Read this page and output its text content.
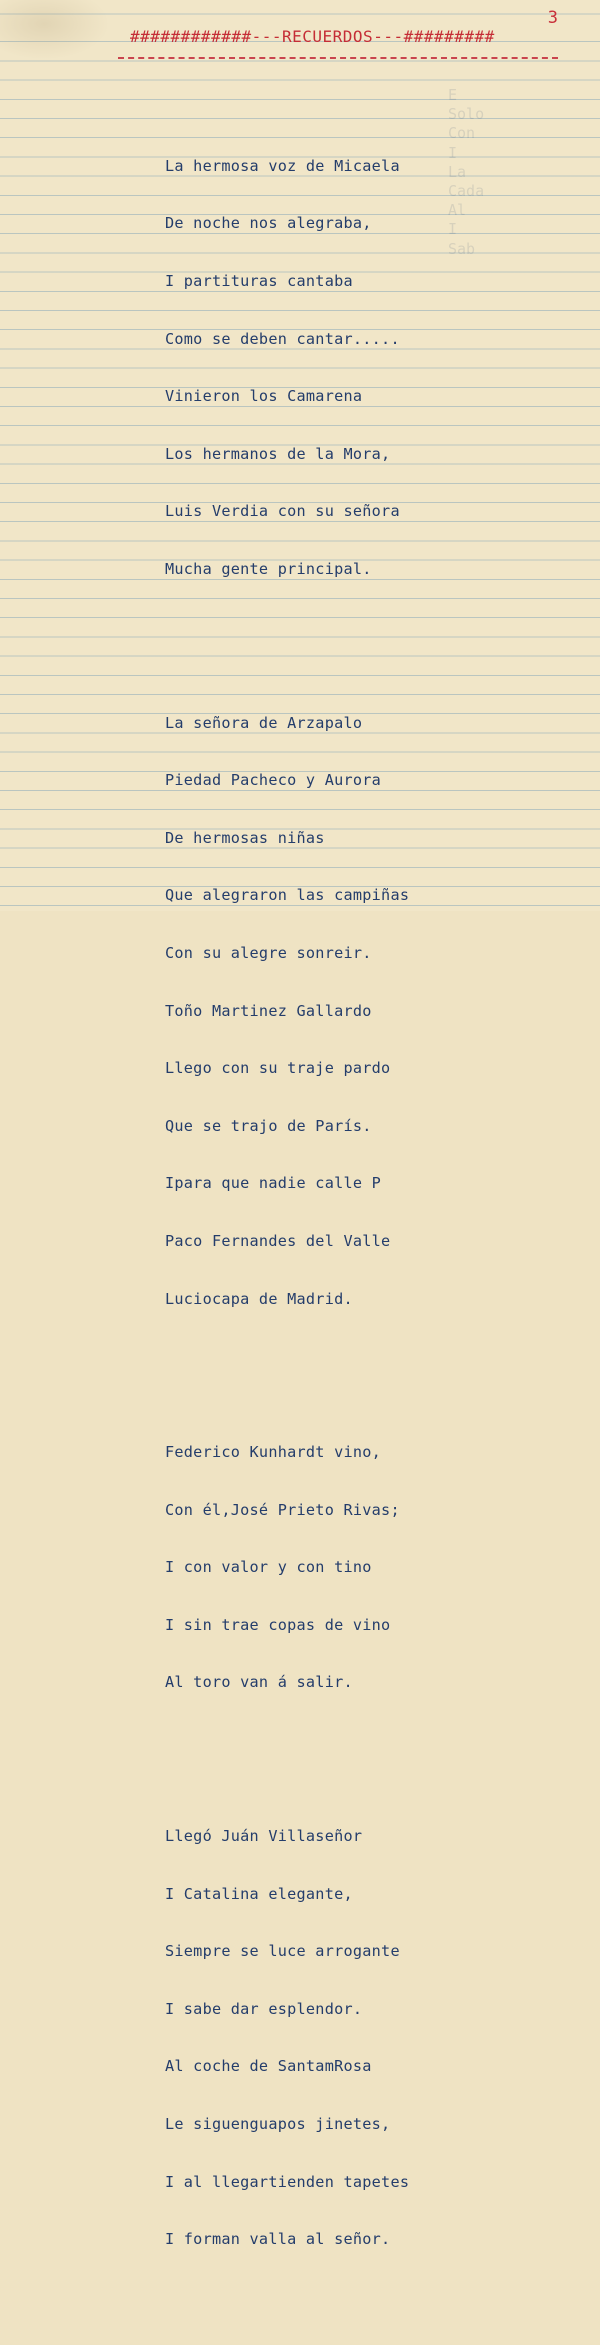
E
Solo
Con
I
La
Cada
Al
I
Sab
3
############---RECUERDOS---#########

La hermosa voz de Micaela

De noche nos alegraba,

I partituras cantaba

Como se deben cantar.....

Vinieron los Camarena

Los hermanos de la Mora,

Luis Verdia con su señora

Mucha gente principal.

La señora de Arzapalo

Piedad Pacheco y Aurora

De hermosas niñas

Que alegraron las campiñas

Con su alegre sonreir.

Toño Martinez Gallardo

Llego con su traje pardo

Que se trajo de París.

Ipara que nadie calle P

Paco Fernandes del Valle

Luciocapa de Madrid.

Federico Kunhardt vino,

Con él,José Prieto Rivas;

I con valor y con tino

I sin trae copas de vino

Al toro van á salir.

Llegó Juán Villaseñor

I Catalina elegante,

Siempre se luce arrogante

I sabe dar esplendor.

Al coche de SantamRosa

Le siguenguapos jinetes,

I al llegartienden tapetes

I forman valla al señor.
